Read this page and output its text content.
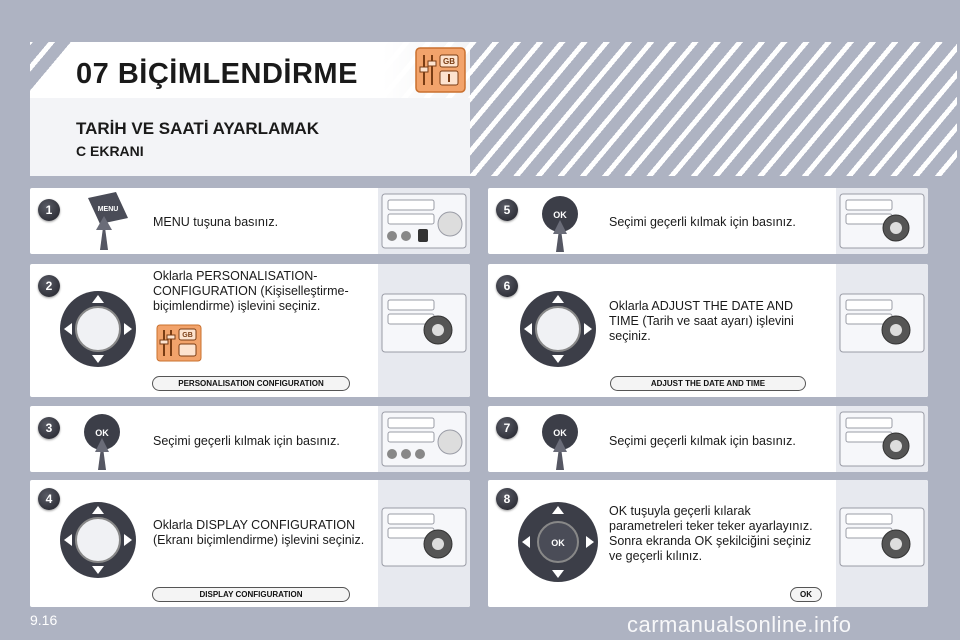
07 BİÇİMLENDİRME	GB
TARİH VE SAATİ AYARLAMAK
C EKRANI
1	MENU
MENU tuşuna basınız.
2
GB
Oklarla PERSONALISATION-CONFIGURATION (Kişiselleştirme-biçimlendirme) işlevini seçiniz.
PERSONALISATION CONFIGURATION
3	OK
Seçimi geçerli kılmak için basınız.
4
Oklarla DISPLAY CONFIGURATION (Ekranı biçimlendirme) işlevini seçiniz.
DISPLAY CONFIGURATION
5	OK	Seçimi geçerli kılmak için basınız.
6
Oklarla ADJUST THE DATE AND TIME (Tarih ve saat ayarı) işlevini seçiniz.
ADJUST THE DATE AND TIME
7	OK
Seçimi geçerli kılmak için basınız.
8
OK
OK tuşuyla geçerli kılarak parametreleri teker teker ayarlayınız. Sonra ekranda OK şekilciğini seçiniz ve geçerli kılınız.
OK
9.16	carmanualsonline.info
